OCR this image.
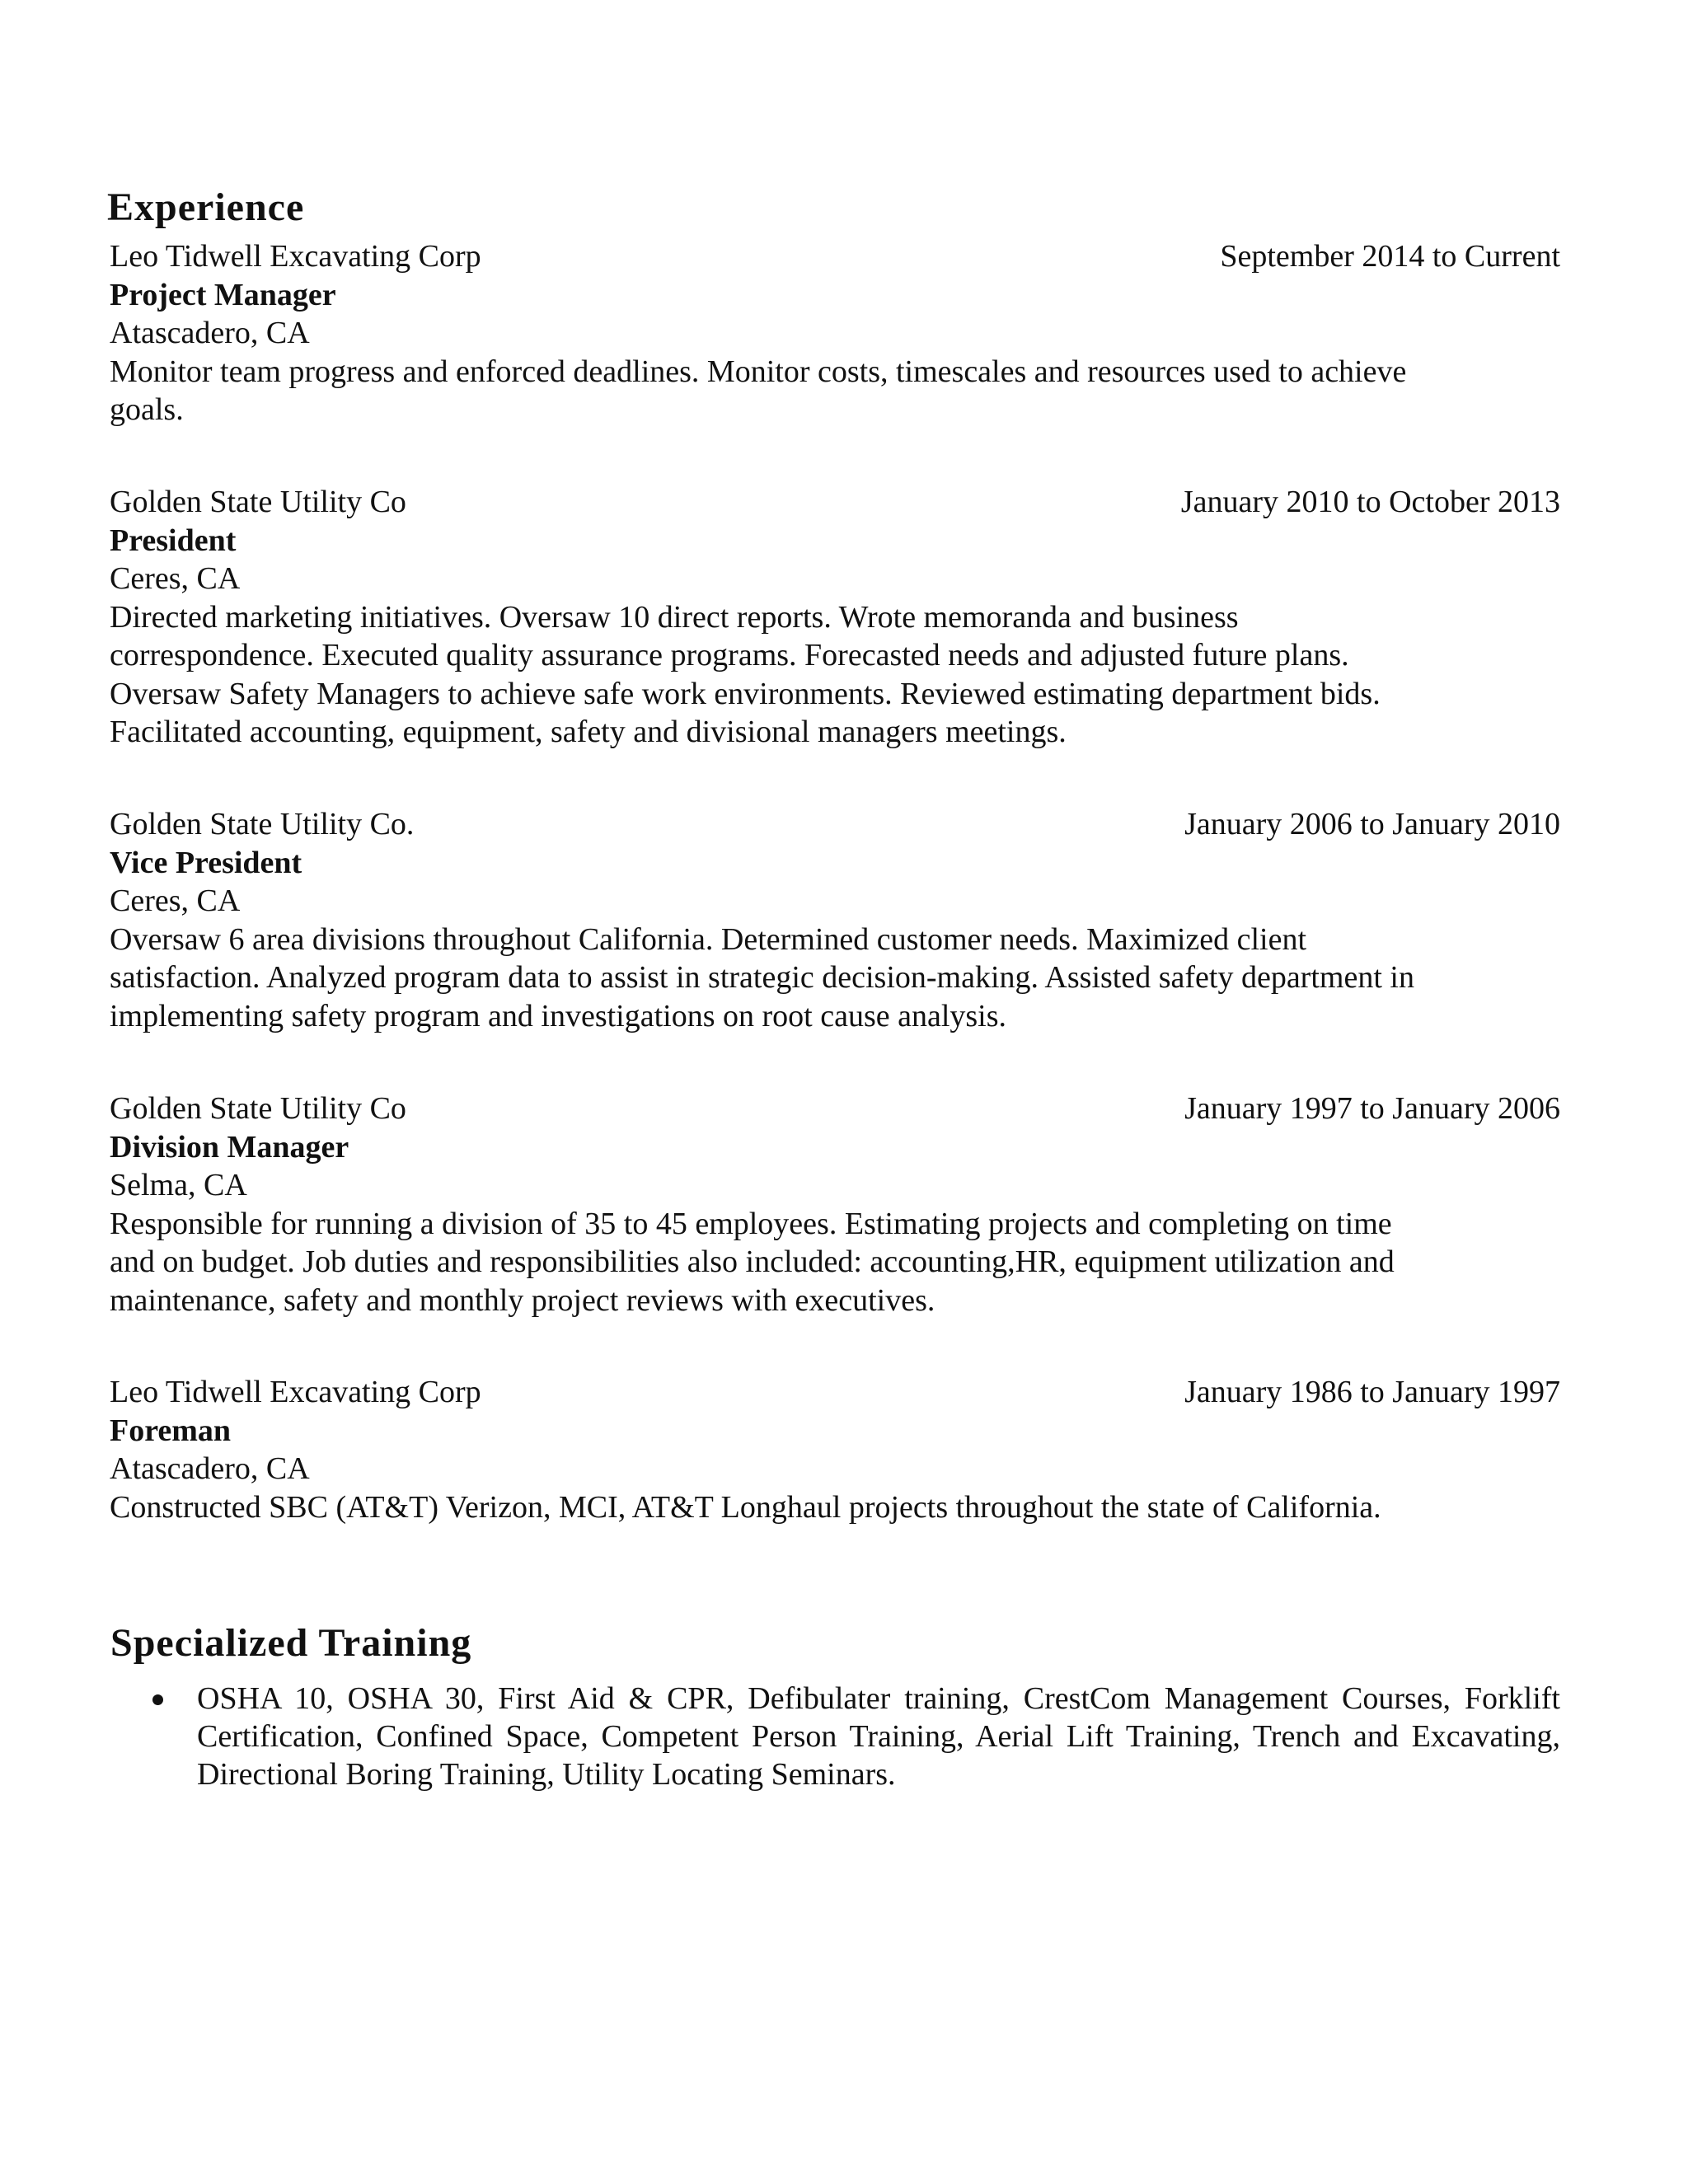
Experience
Leo Tidwell Excavating Corp	September 2014 to Current
Project Manager
Atascadero, CA
Monitor team progress and enforced deadlines. Monitor costs, timescales and resources used to achieve
goals.
Golden State Utility Co	January 2010 to October 2013
President
Ceres, CA
Directed marketing initiatives. Oversaw 10 direct reports. Wrote memoranda and business
correspondence. Executed quality assurance programs. Forecasted needs and adjusted future plans.
Oversaw Safety Managers to achieve safe work environments. Reviewed estimating department bids.
Facilitated accounting, equipment, safety and divisional managers meetings.
Golden State Utility Co.	January 2006 to January 2010
Vice President
Ceres, CA
Oversaw 6 area divisions throughout California. Determined customer needs. Maximized client
satisfaction. Analyzed program data to assist in strategic decision-making. Assisted safety department in
implementing safety program and investigations on root cause analysis.
Golden State Utility Co	January 1997 to January 2006
Division Manager
Selma, CA
Responsible for running a division of 35 to 45 employees. Estimating projects and completing on time
and on budget. Job duties and responsibilities also included: accounting,HR, equipment utilization and
maintenance, safety and monthly project reviews with executives.
Leo Tidwell Excavating Corp	January 1986 to January 1997
Foreman
Atascadero, CA
Constructed SBC (AT&T) Verizon, MCI, AT&T Longhaul projects throughout the state of California.
Specialized Training
OSHA 10, OSHA 30, First Aid & CPR, Defibulater training, CrestCom Management Courses, Forklift Certification, Confined Space, Competent Person Training, Aerial Lift Training, Trench and Excavating, Directional Boring Training, Utility Locating Seminars.
